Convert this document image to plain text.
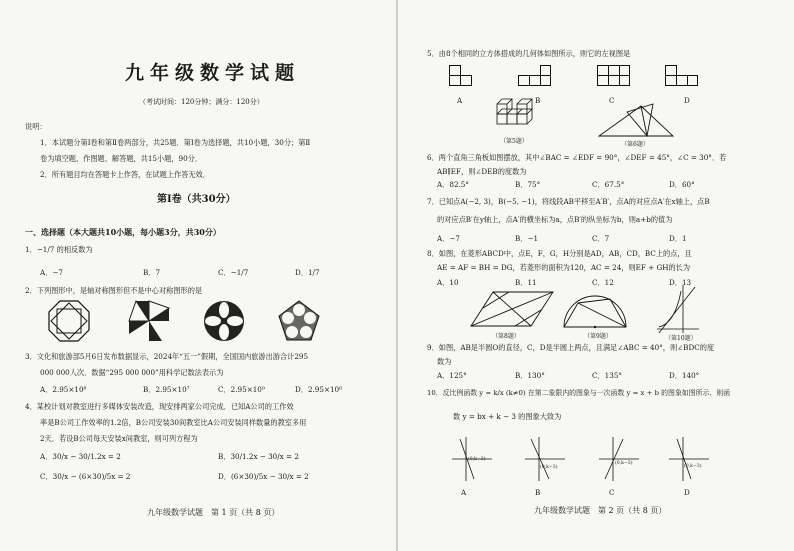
九年级数学试题
（考试时间：120分钟；满分：120分）
说明：
1．本试题分第Ⅰ卷和第Ⅱ卷两部分，共25题．第Ⅰ卷为选择题，共10小题，30分；第Ⅱ
卷为填空题、作图题、解答题，共15小题，90分．
2．所有题目均在答题卡上作答，在试题上作答无效．
第Ⅰ卷（共30分）
一、选择题（本大题共10小题，每小题3分，共30分）
1．−1/7 的相反数为
A．−7	B．7	C．−1/7	D．1/7
2．下列图形中，是轴对称图形但不是中心对称图形的是
3．文化和旅游部5月6日发布数据显示，2024年“五一”假期，全国国内旅游出游合计295
000 000人次．数据“295 000 000”用科学记数法表示为
A．2.95×10⁸	B．2.95×10⁷	C．2.95×10⁹	D．2.95×10⁶
4．某校计划对教室进行多媒体安装改造，现安排两家公司完成．已知A公司的工作效
率是B公司工作效率的1.2倍，B公司安装30间教室比A公司安装同样数量的教室多用
2天．若设B公司每天安装x间教室，则可列方程为
A．30/x − 30/1.2x = 2	B．30/1.2x − 30/x = 2
C．30/x − (6×30)/5x = 2	D．(6×30)/5x − 30/x = 2
九年级数学试题　第 1 页（共 8 页）
5．由8个相同的立方体搭成的几何体如图所示，则它的左视图是
A	B	C	D
（第5题）	（第6题）
6．两个直角三角板如图摆放，其中∠BAC = ∠EDF = 90°，∠DEF = 45°，∠C = 30°．若
AB∥EF，则∠DEB的度数为
A．82.5°	B．75°	C．67.5°	D．60°
7．已知点A(−2, 3)，B(−5, −1)，将线段AB平移至A′B′，点A的对应点A′在x轴上，点B
的对应点B′在y轴上，点A′的横坐标为a，点B′的纵坐标为b，则a+b的值为
A．−7	B．−1	C．7	D．1
8．如图，在菱形ABCD中，点E，F，G，H分别是AD，AB，CD，BC上的点，且
AE = AF = BH = DG，若菱形的面积为120，AC = 24，则EF + GH的长为
A．10	B．11	C．12	D．13
（第8题）	（第9题）	（第10题）
9．如图，AB是半圆O的直径，C，D是半圆上两点，且满足∠ABC = 40°，则∠BDC的度
数为
A．125°	B．130°	C．135°	D．140°
10．反比例函数 y = k/x (k≠0) 在第二象限内的图象与一次函数 y = x + b 的图象如图所示．则函
数 y = bx + k − 3 的图象大致为
(0,k−3)
(0,k−3)
(0,k−3)
(0,k−3)
A	B	C	D
九年级数学试题　第 2 页（共 8 页）
